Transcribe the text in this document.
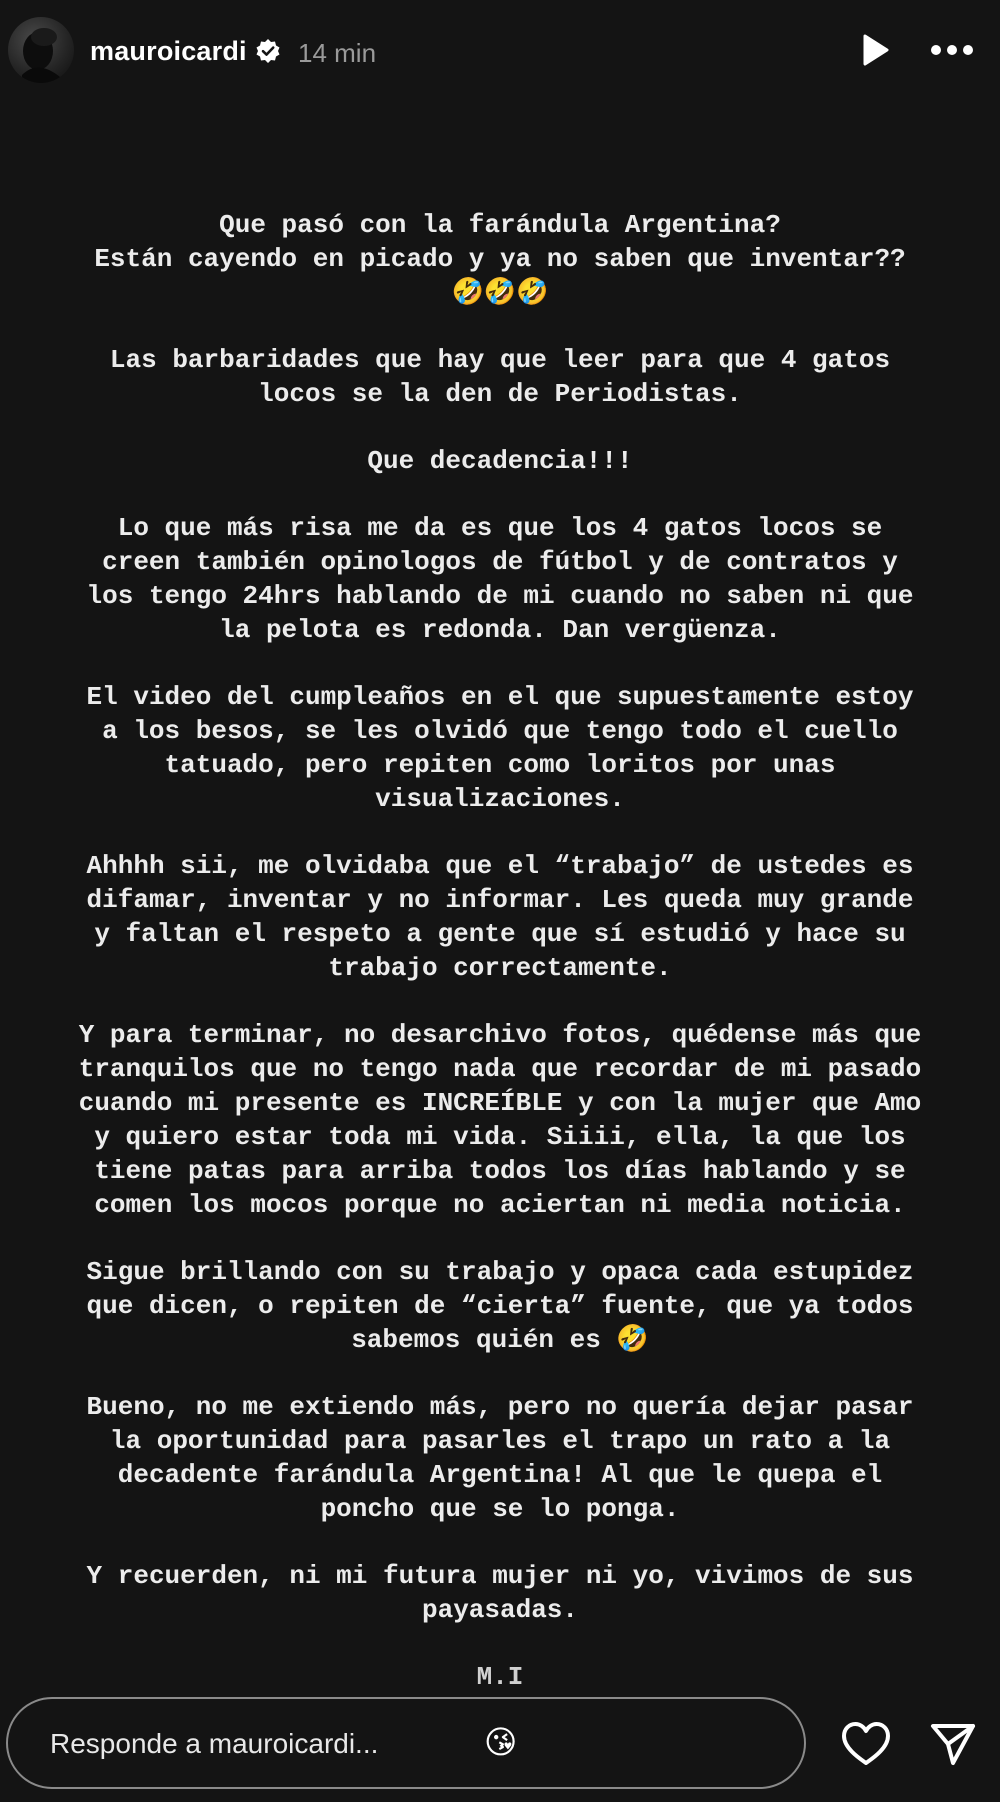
mauroicardi 14 min
Que pasó con la farándula Argentina?
Están cayendo en picado y ya no saben que inventar??
🤣🤣🤣
Las barbaridades que hay que leer para que 4 gatos
locos se la den de Periodistas.
Que decadencia!!!
Lo que más risa me da es que los 4 gatos locos se
creen también opinologos de fútbol y de contratos y
los tengo 24hrs hablando de mi cuando no saben ni que
la pelota es redonda. Dan vergüenza.
El video del cumpleaños en el que supuestamente estoy
a los besos, se les olvidó que tengo todo el cuello
tatuado, pero repiten como loritos por unas
visualizaciones.
Ahhhh sii, me olvidaba que el “trabajo” de ustedes es
difamar, inventar y no informar. Les queda muy grande
y faltan el respeto a gente que sí estudió y hace su
trabajo correctamente.
Y para terminar, no desarchivo fotos, quédense más que
tranquilos que no tengo nada que recordar de mi pasado
cuando mi presente es INCREÍBLE y con la mujer que Amo
y quiero estar toda mi vida. Siiii, ella, la que los
tiene patas para arriba todos los días hablando y se
comen los mocos porque no aciertan ni media noticia.
Sigue brillando con su trabajo y opaca cada estupidez
que dicen, o repiten de “cierta” fuente, que ya todos
sabemos quién es 🤣
Bueno, no me extiendo más, pero no quería dejar pasar
la oportunidad para pasarles el trapo un rato a la
decadente farándula Argentina! Al que le quepa el
poncho que se lo ponga.
Y recuerden, ni mi futura mujer ni yo, vivimos de sus
payasadas.
M.I
Responde a mauroicardi...	😘
